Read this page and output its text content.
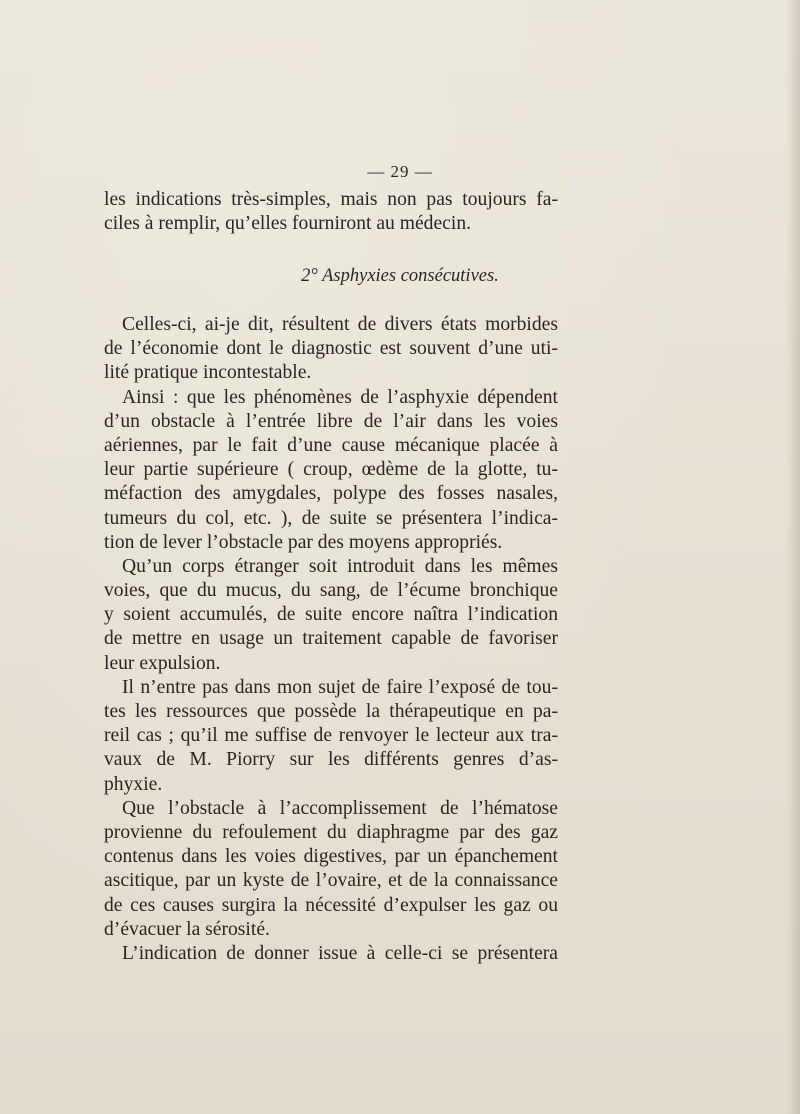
— 29 —
les indications très-simples, mais non pas toujours fa-
ciles à remplir, qu’elles fourniront au médecin.
2° Asphyxies consécutives.
Celles-ci, ai-je dit, résultent de divers états morbides
de l’économie dont le diagnostic est souvent d’une uti-
lité pratique incontestable.
Ainsi : que les phénomènes de l’asphyxie dépendent
d’un obstacle à l’entrée libre de l’air dans les voies
aériennes, par le fait d’une cause mécanique placée à
leur partie supérieure ( croup, œdème de la glotte, tu-
méfaction des amygdales, polype des fosses nasales,
tumeurs du col, etc. ), de suite se présentera l’indica-
tion de lever l’obstacle par des moyens appropriés.
Qu’un corps étranger soit introduit dans les mêmes
voies, que du mucus, du sang, de l’écume bronchique
y soient accumulés, de suite encore naîtra l’indication
de mettre en usage un traitement capable de favoriser
leur expulsion.
Il n’entre pas dans mon sujet de faire l’exposé de tou-
tes les ressources que possède la thérapeutique en pa-
reil cas ; qu’il me suffise de renvoyer le lecteur aux tra-
vaux de M. Piorry sur les différents genres d’as-
phyxie.
Que l’obstacle à l’accomplissement de l’hématose
provienne du refoulement du diaphragme par des gaz
contenus dans les voies digestives, par un épanchement
ascitique, par un kyste de l’ovaire, et de la connaissance
de ces causes surgira la nécessité d’expulser les gaz ou
d’évacuer la sérosité.
L’indication de donner issue à celle-ci se présentera
